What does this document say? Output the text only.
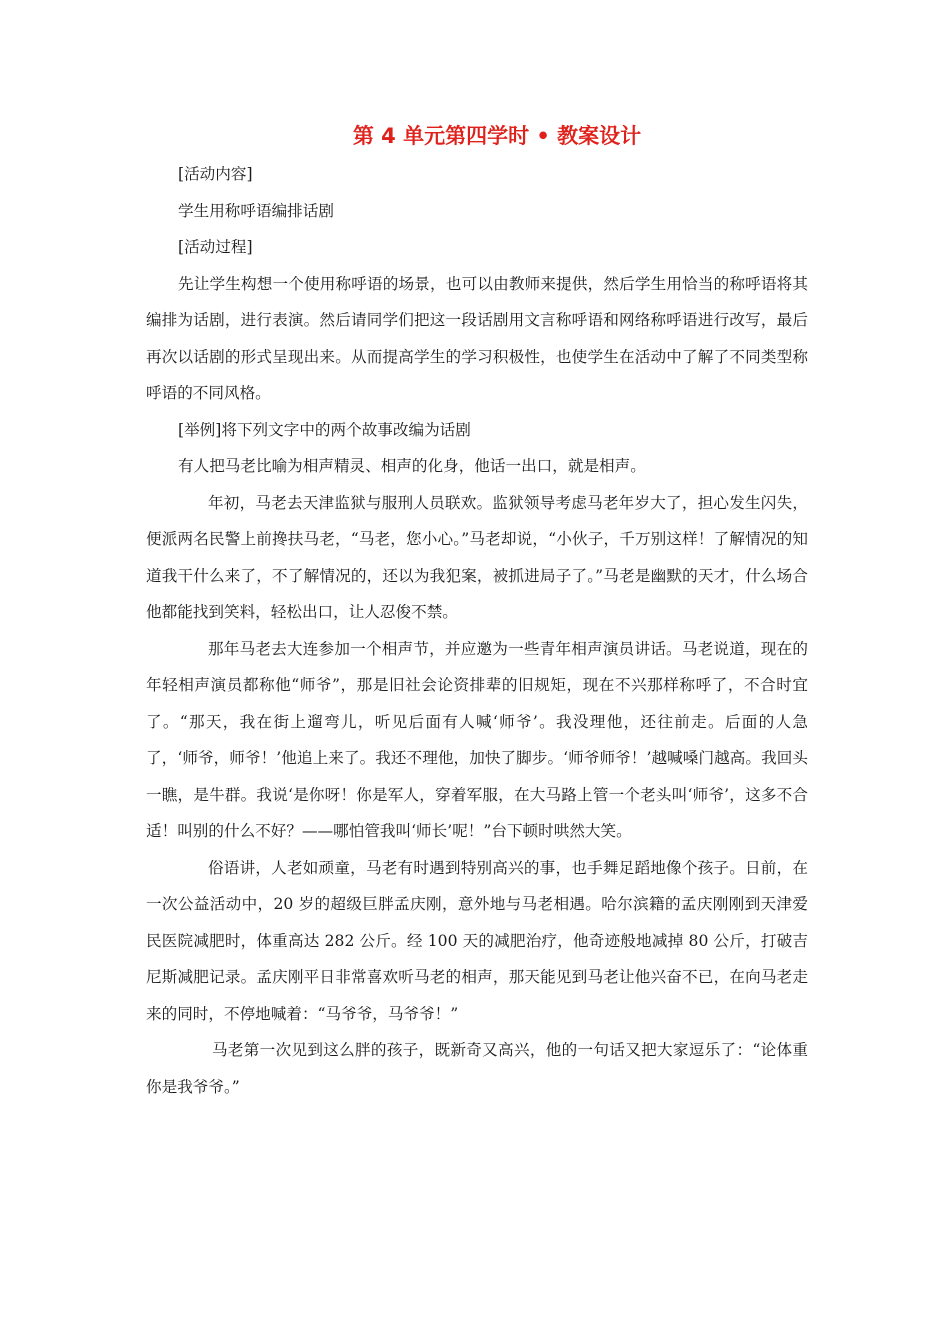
第 4 单元第四学时 • 教案设计

[活动内容]

学生用称呼语编排话剧

[活动过程]

先让学生构想一个使用称呼语的场景，也可以由教师来提供，然后学生用恰当的称呼语将其编排为话剧，进行表演。然后请同学们把这一段话剧用文言称呼语和网络称呼语进行改写，最后再次以话剧的形式呈现出来。从而提高学生的学习积极性，也使学生在活动中了解了不同类型称呼语的不同风格。

[举例]将下列文字中的两个故事改编为话剧

有人把马老比喻为相声精灵、相声的化身，他话一出口，就是相声。

年初，马老去天津监狱与服刑人员联欢。监狱领导考虑马老年岁大了，担心发生闪失，便派两名民警上前搀扶马老，“马老，您小心。”马老却说，“小伙子，千万别这样！了解情况的知道我干什么来了，不了解情况的，还以为我犯案，被抓进局子了。”马老是幽默的天才，什么场合他都能找到笑料，轻松出口，让人忍俊不禁。

那年马老去大连参加一个相声节，并应邀为一些青年相声演员讲话。马老说道，现在的年轻相声演员都称他“师爷”，那是旧社会论资排辈的旧规矩，现在不兴那样称呼了，不合时宜了。“那天，我在街上遛弯儿，听见后面有人喊‘师爷’。我没理他，还往前走。后面的人急了，‘师爷，师爷！’他追上来了。我还不理他，加快了脚步。‘师爷师爷！’越喊嗓门越高。我回头一瞧，是牛群。我说‘是你呀！你是军人，穿着军服，在大马路上管一个老头叫‘师爷’，这多不合适！叫别的什么不好？——哪怕管我叫‘师长’呢！”台下顿时哄然大笑。

俗语讲，人老如顽童，马老有时遇到特别高兴的事，也手舞足蹈地像个孩子。日前，在一次公益活动中，20 岁的超级巨胖孟庆刚，意外地与马老相遇。哈尔滨籍的孟庆刚刚到天津爱民医院减肥时，体重高达 282 公斤。经 100 天的减肥治疗，他奇迹般地减掉 80 公斤，打破吉尼斯减肥记录。孟庆刚平日非常喜欢听马老的相声，那天能见到马老让他兴奋不已，在向马老走来的同时，不停地喊着：“马爷爷，马爷爷！”

马老第一次见到这么胖的孩子，既新奇又高兴，他的一句话又把大家逗乐了：“论体重你是我爷爷。”
